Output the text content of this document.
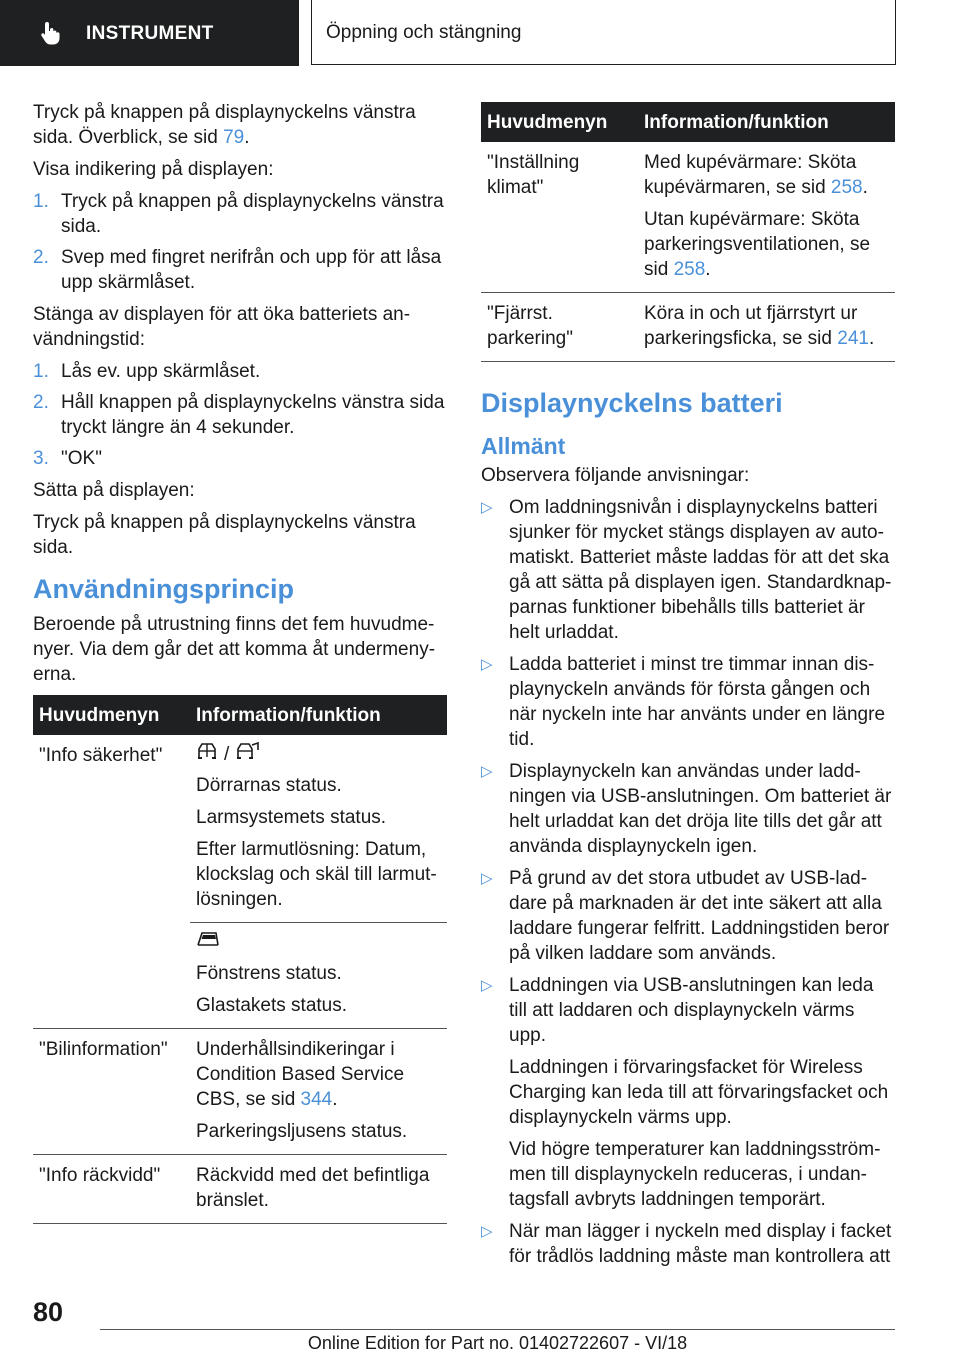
INSTRUMENT	Öppning och stängning

Tryck på knappen på displaynyckelns vänstra sida. Överblick, se sid 79.

Visa indikering på displayen:

1. Tryck på knappen på displaynyckelns vänstra sida.
2. Svep med fingret nerifrån och upp för att låsa upp skärmlåset.

Stänga av displayen för att öka batteriets an-vändningstid:

1. Lås ev. upp skärmlåset.
2. Håll knappen på displaynyckelns vänstra sida tryckt längre än 4 sekunder.
3. "OK"

Sätta på displayen:

Tryck på knappen på displaynyckelns vänstra sida.

Användningsprincip

Beroende på utrustning finns det fem huvudme-nyer. Via dem går det att komma åt undermeny-erna.

Huvudmenyn	Information/funktion
"Info säkerhet"	/

Dörrarnas status.

Larmsystemets status.

Efter larmutlösning: Datum, klockslag och skäl till larmut-lösningen.

	Fönstrens status.

Glastakets status.

"Bilinformation"	Underhållsindikeringar i Condition Based Service CBS, se sid 344.

Parkeringsljusens status.

"Info räckvidd"	Räckvidd med det befintliga bränslet.

Huvudmenyn	Information/funktion
"Inställning klimat"	Med kupévärmare: Sköta kupévärmaren, se sid 258.

Utan kupévärmare: Sköta parkeringsventilationen, se sid 258.

"Fjärrst. parkering"	Köra in och ut fjärrstyrt ur parkeringsficka, se sid 241.

Displaynyckelns batteri
Allmänt

Observera följande anvisningar:

▷ Om laddningsnivån i displaynyckelns batteri sjunker för mycket stängs displayen av auto-matiskt. Batteriet måste laddas för att det ska gå att sätta på displayen igen. Standardknap-parnas funktioner bibehålls tills batteriet är helt urladdat.
▷ Ladda batteriet i minst tre timmar innan dis-playnyckeln används för första gången och när nyckeln inte har använts under en längre tid.
▷ Displaynyckeln kan användas under ladd-ningen via USB-anslutningen. Om batteriet är helt urladdat kan det dröja lite tills det går att använda displaynyckeln igen.
▷ På grund av det stora utbudet av USB-lad-dare på marknaden är det inte säkert att alla laddare fungerar felfritt. Laddningstiden beror på vilken laddare som används.
▷ Laddningen via USB-anslutningen kan leda till att laddaren och displaynyckeln värms upp.

Laddningen i förvaringsfacket för Wireless Charging kan leda till att förvaringsfacket och displaynyckeln värms upp.

Vid högre temperaturer kan laddningsström-men till displaynyckeln reduceras, i undan-tagsfall avbryts laddningen temporärt.

▷ När man lägger i nyckeln med display i facket för trådlös laddning måste man kontrollera att
80
Online Edition for Part no. 01402722607 - VI/18
